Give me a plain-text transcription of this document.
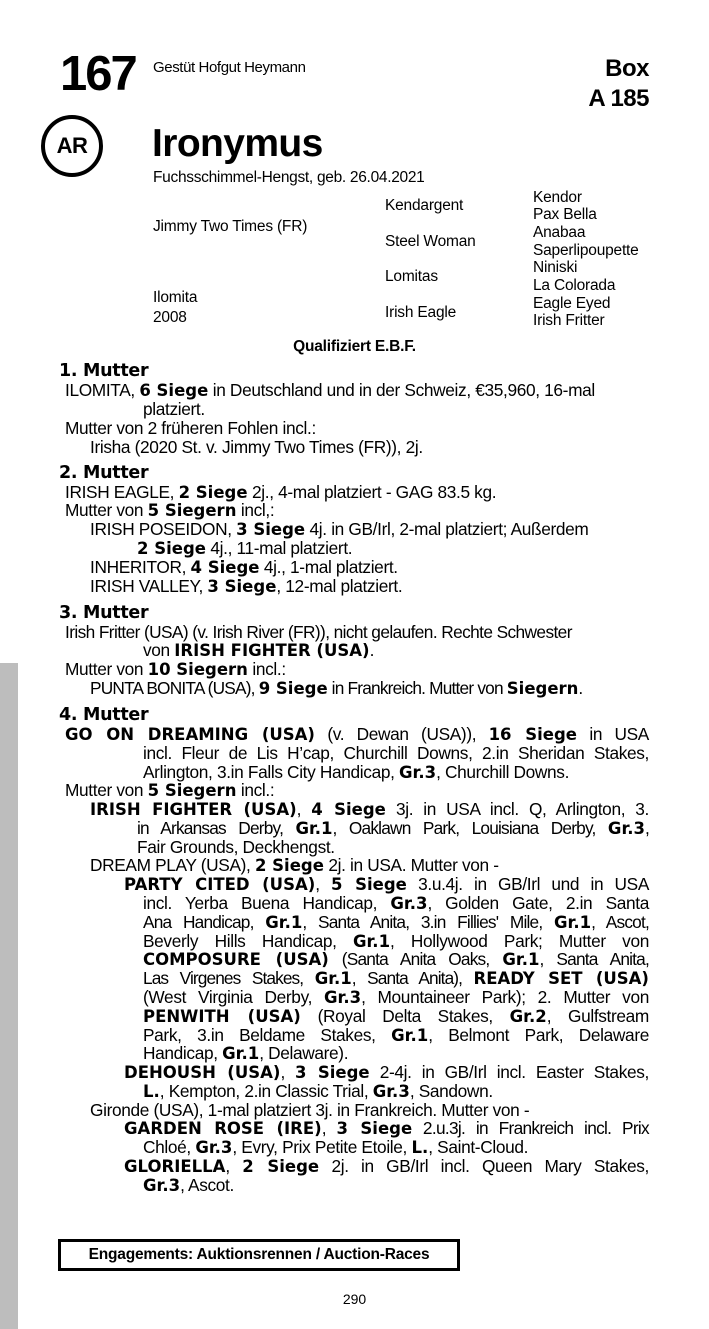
167 Gestüt Hofgut Heymann	Box
A 185
AR Ironymus
Fuchsschimmel-Hengst, geb. 26.04.2021
Jimmy Two Times (FR)
Ilomita
2008
Kendargent
Steel Woman
Lomitas
Irish Eagle
Kendor
Pax Bella
Anabaa
Saperlipoupette
Niniski
La Colorada
Eagle Eyed
Irish Fritter
Qualifiziert E.B.F.
1. Mutter
ILOMITA, 6 Siege in Deutschland und in der Schweiz, €35,960, 16-mal
platziert.
Mutter von 2 früheren Fohlen incl.:
Irisha (2020 St. v. Jimmy Two Times (FR)), 2j.
2. Mutter
IRISH EAGLE, 2 Siege 2j., 4-mal platziert - GAG 83.5 kg.
Mutter von 5 Siegern incl,:
IRISH POSEIDON, 3 Siege 4j. in GB/Irl, 2-mal platziert; Außerdem
2 Siege 4j., 11-mal platziert.
INHERITOR, 4 Siege 4j., 1-mal platziert.
IRISH VALLEY, 3 Siege, 12-mal platziert.
3. Mutter
Irish Fritter (USA) (v. Irish River (FR)), nicht gelaufen. Rechte Schwester
von IRISH FIGHTER (USA).
Mutter von 10 Siegern incl.:
PUNTA BONITA (USA), 9 Siege in Frankreich. Mutter von Siegern.
4. Mutter
GO ON DREAMING (USA) (v. Dewan (USA)), 16 Siege in USA
incl. Fleur de Lis H’cap, Churchill Downs, 2.in Sheridan Stakes,
Arlington, 3.in Falls City Handicap, Gr.3, Churchill Downs.
Mutter von 5 Siegern incl.:
IRISH FIGHTER (USA), 4 Siege 3j. in USA incl. Q, Arlington, 3.
in Arkansas Derby, Gr.1, Oaklawn Park, Louisiana Derby, Gr.3,
Fair Grounds, Deckhengst.
DREAM PLAY (USA), 2 Siege 2j. in USA. Mutter von -
PARTY CITED (USA), 5 Siege 3.u.4j. in GB/Irl und in USA
incl. Yerba Buena Handicap, Gr.3, Golden Gate, 2.in Santa
Ana Handicap, Gr.1, Santa Anita, 3.in Fillies' Mile, Gr.1, Ascot,
Beverly Hills Handicap, Gr.1, Hollywood Park; Mutter von
COMPOSURE (USA) (Santa Anita Oaks, Gr.1, Santa Anita,
Las Virgenes Stakes, Gr.1, Santa Anita), READY SET (USA)
(West Virginia Derby, Gr.3, Mountaineer Park); 2. Mutter von
PENWITH (USA) (Royal Delta Stakes, Gr.2, Gulfstream
Park, 3.in Beldame Stakes, Gr.1, Belmont Park, Delaware
Handicap, Gr.1, Delaware).
DEHOUSH (USA), 3 Siege 2-4j. in GB/Irl incl. Easter Stakes,
L., Kempton, 2.in Classic Trial, Gr.3, Sandown.
Gironde (USA), 1-mal platziert 3j. in Frankreich. Mutter von -
GARDEN ROSE (IRE), 3 Siege 2.u.3j. in Frankreich incl. Prix
Chloé, Gr.3, Evry, Prix Petite Etoile, L., Saint-Cloud.
GLORIELLA, 2 Siege 2j. in GB/Irl incl. Queen Mary Stakes,
Gr.3, Ascot.
Engagements: Auktionsrennen / Auction-Races
290
